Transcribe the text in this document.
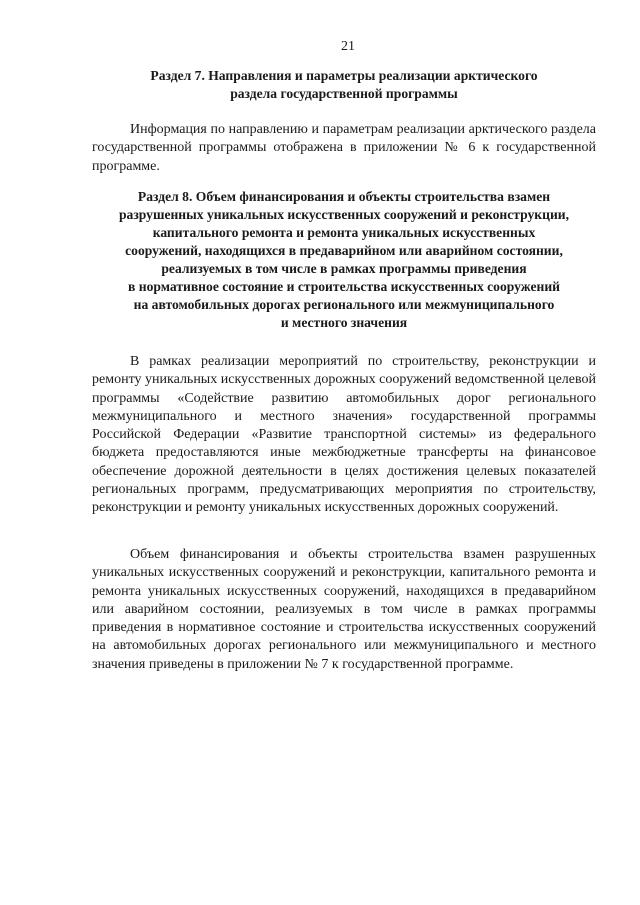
21
Раздел 7. Направления и параметры реализации арктического
раздела государственной программы

Информация по направлению и параметрам реализации арктического раздела государственной программы отображена в приложении № 6 к государственной программе.

Раздел 8. Объем финансирования и объекты строительства взамен
разрушенных уникальных искусственных сооружений и реконструкции,
капитального ремонта и ремонта уникальных искусственных
сооружений, находящихся в предаварийном или аварийном состоянии,
реализуемых в том числе в рамках программы приведения
в нормативное состояние и строительства искусственных сооружений
на автомобильных дорогах регионального или межмуниципального
и местного значения

В рамках реализации мероприятий по строительству, реконструкции и ремонту уникальных искусственных дорожных сооружений ведомственной целевой программы «Содействие развитию автомобильных дорог регионального межмуниципального и местного значения» государственной программы Российской Федерации «Развитие транспортной системы» из федерального бюджета предоставляются иные межбюджетные трансферты на финансовое обеспечение дорожной деятельности в целях достижения целевых показателей региональных программ, предусматривающих мероприятия по строительству, реконструкции и ремонту уникальных искусственных дорожных сооружений.

Объем финансирования и объекты строительства взамен разрушенных уникальных искусственных сооружений и реконструкции, капитального ремонта и ремонта уникальных искусственных сооружений, находящихся в предаварийном или аварийном состоянии, реализуемых в том числе в рамках программы приведения в нормативное состояние и строительства искусственных сооружений на автомобильных дорогах регионального или межмуниципального и местного значения приведены в приложении № 7 к государственной программе.
